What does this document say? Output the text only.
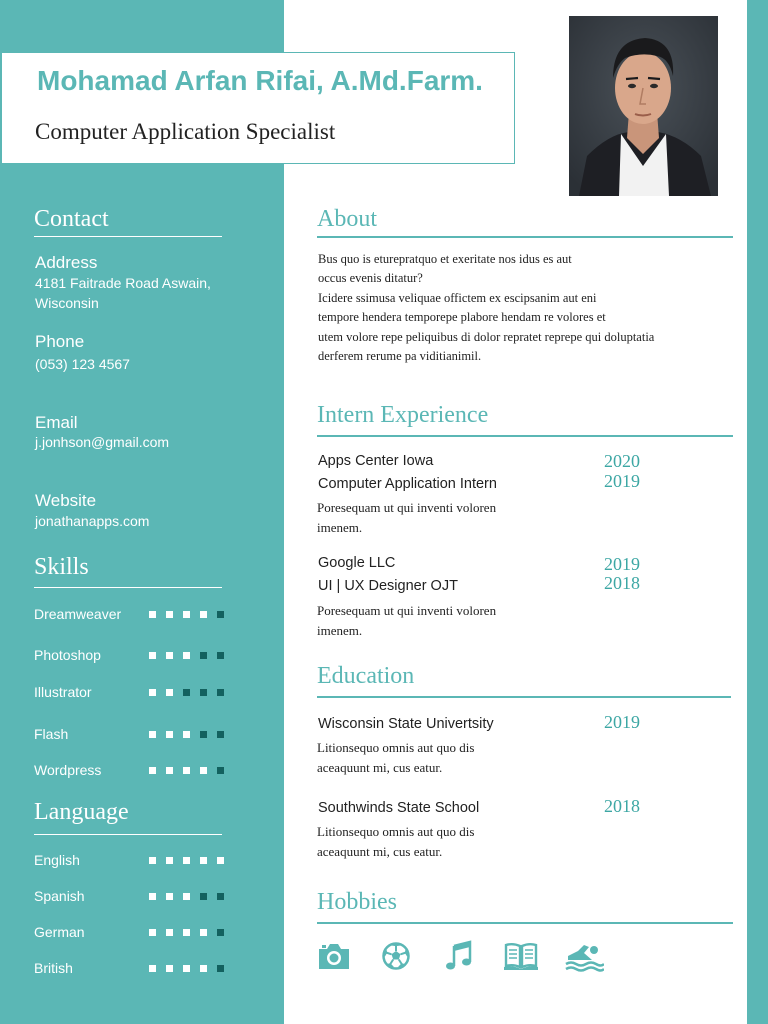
Mohamad Arfan Rifai, A.Md.Farm.
Computer Application Specialist
Contact
Address
4181 Faitrade Road Aswain,
Wisconsin
Phone
(053) 123 4567
Email
j.jonhson@gmail.com
Website
jonathanapps.com
Skills
Dreamweaver
Photoshop
Illustrator
Flash
Wordpress
Language
English
Spanish
German
British
About
Bus quo is eturepratquo et exeritate nos idus es aut
occus evenis ditatur?
Icidere ssimusa veliquae offictem ex escipsanim aut eni
tempore hendera temporepe plabore hendam re volores et
utem volore repe peliquibus di dolor repratet reprepe qui doluptatia
derferem rerume pa viditianimil.
Intern Experience
Apps Center Iowa
Computer Application Intern
Poresequam ut qui inventi voloren
imenem.
2020
2019
Google LLC
UI | UX Designer OJT
Poresequam ut qui inventi voloren
imenem.
2019
2018
Education
Wisconsin State Univertsity
Litionsequo omnis aut quo dis
aceaquunt mi, cus eatur.
2019
Southwinds State School
Litionsequo omnis aut quo dis
aceaquunt mi, cus eatur.
2018
Hobbies
